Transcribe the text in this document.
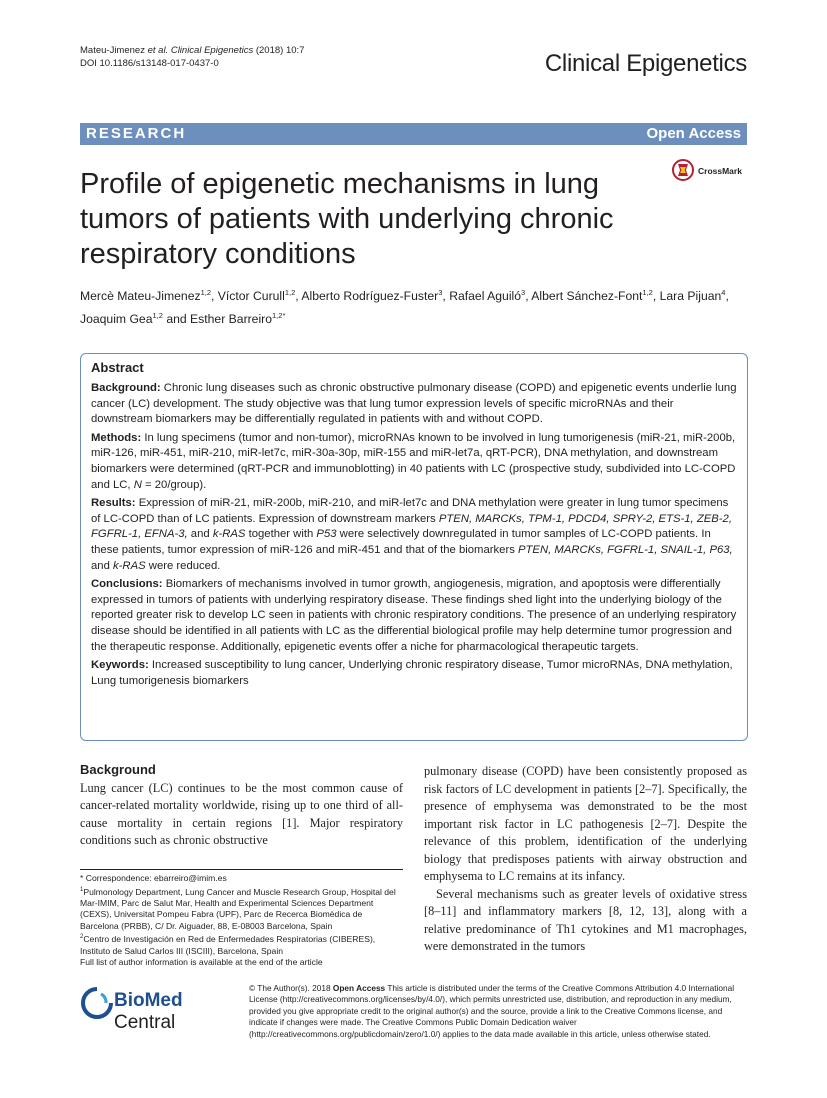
Mateu-Jimenez et al. Clinical Epigenetics (2018) 10:7
DOI 10.1186/s13148-017-0437-0	Clinical Epigenetics
RESEARCH	Open Access
Profile of epigenetic mechanisms in lung tumors of patients with underlying chronic respiratory conditions
CrossMark
Mercè Mateu-Jimenez$^{1,2}$, Víctor Curull$^{1,2}$, Alberto Rodríguez-Fuster$^3$, Rafael Aguiló$^3$, Albert Sánchez-Font$^{1,2}$, Lara Pijuan$^4$, Joaquim Gea$^{1,2}$ and Esther Barreiro$^{1,2*}$
Abstract

Background: Chronic lung diseases such as chronic obstructive pulmonary disease (COPD) and epigenetic events underlie lung cancer (LC) development. The study objective was that lung tumor expression levels of specific microRNAs and their downstream biomarkers may be differentially regulated in patients with and without COPD.

Methods: In lung specimens (tumor and non-tumor), microRNAs known to be involved in lung tumorigenesis (miR-21, miR-200b, miR-126, miR-451, miR-210, miR-let7c, miR-30a-30p, miR-155 and miR-let7a, qRT-PCR), DNA methylation, and downstream biomarkers were determined (qRT-PCR and immunoblotting) in 40 patients with LC (prospective study, subdivided into LC-COPD and LC, N = 20/group).

Results: Expression of miR-21, miR-200b, miR-210, and miR-let7c and DNA methylation were greater in lung tumor specimens of LC-COPD than of LC patients. Expression of downstream markers PTEN, MARCKs, TPM-1, PDCD4, SPRY-2, ETS-1, ZEB-2, FGFRL-1, EFNA-3, and k-RAS together with P53 were selectively downregulated in tumor samples of LC-COPD patients. In these patients, tumor expression of miR-126 and miR-451 and that of the biomarkers PTEN, MARCKs, FGFRL-1, SNAIL-1, P63, and k-RAS were reduced.

Conclusions: Biomarkers of mechanisms involved in tumor growth, angiogenesis, migration, and apoptosis were differentially expressed in tumors of patients with underlying respiratory disease. These findings shed light into the underlying biology of the reported greater risk to develop LC seen in patients with chronic respiratory conditions. The presence of an underlying respiratory disease should be identified in all patients with LC as the differential biological profile may help determine tumor progression and the therapeutic response. Additionally, epigenetic events offer a niche for pharmacological therapeutic targets.

Keywords: Increased susceptibility to lung cancer, Underlying chronic respiratory disease, Tumor microRNAs, DNA methylation, Lung tumorigenesis biomarkers

Background
Lung cancer (LC) continues to be the most common cause of cancer-related mortality worldwide, rising up to one third of all-cause mortality in certain regions [1]. Major respiratory conditions such as chronic obstructive
pulmonary disease (COPD) have been consistently proposed as risk factors of LC development in patients [2–7]. Specifically, the presence of emphysema was demonstrated to be the most important risk factor in LC pathogenesis [2–7]. Despite the relevance of this problem, identification of the underlying biology that predisposes patients with airway obstruction and emphysema to LC remains at its infancy.
Several mechanisms such as greater levels of oxidative stress [8–11] and inflammatory markers [8, 12, 13], along with a relative predominance of Th1 cytokines and M1 macrophages, were demonstrated in the tumors
* Correspondence: ebarreiro@imim.es
$^1$Pulmonology Department, Lung Cancer and Muscle Research Group, Hospital del Mar-IMIM, Parc de Salut Mar, Health and Experimental Sciences Department (CEXS), Universitat Pompeu Fabra (UPF), Parc de Recerca Biomèdica de Barcelona (PRBB), C/ Dr. Aiguader, 88, E-08003 Barcelona, Spain
$^2$Centro de Investigación en Red de Enfermedades Respiratorias (CIBERES), Instituto de Salud Carlos III (ISCIII), Barcelona, Spain
Full list of author information is available at the end of the article
BioMed Central
© The Author(s). 2018 Open Access This article is distributed under the terms of the Creative Commons Attribution 4.0 International License (http://creativecommons.org/licenses/by/4.0/), which permits unrestricted use, distribution, and reproduction in any medium, provided you give appropriate credit to the original author(s) and the source, provide a link to the Creative Commons license, and indicate if changes were made. The Creative Commons Public Domain Dedication waiver (http://creativecommons.org/publicdomain/zero/1.0/) applies to the data made available in this article, unless otherwise stated.
